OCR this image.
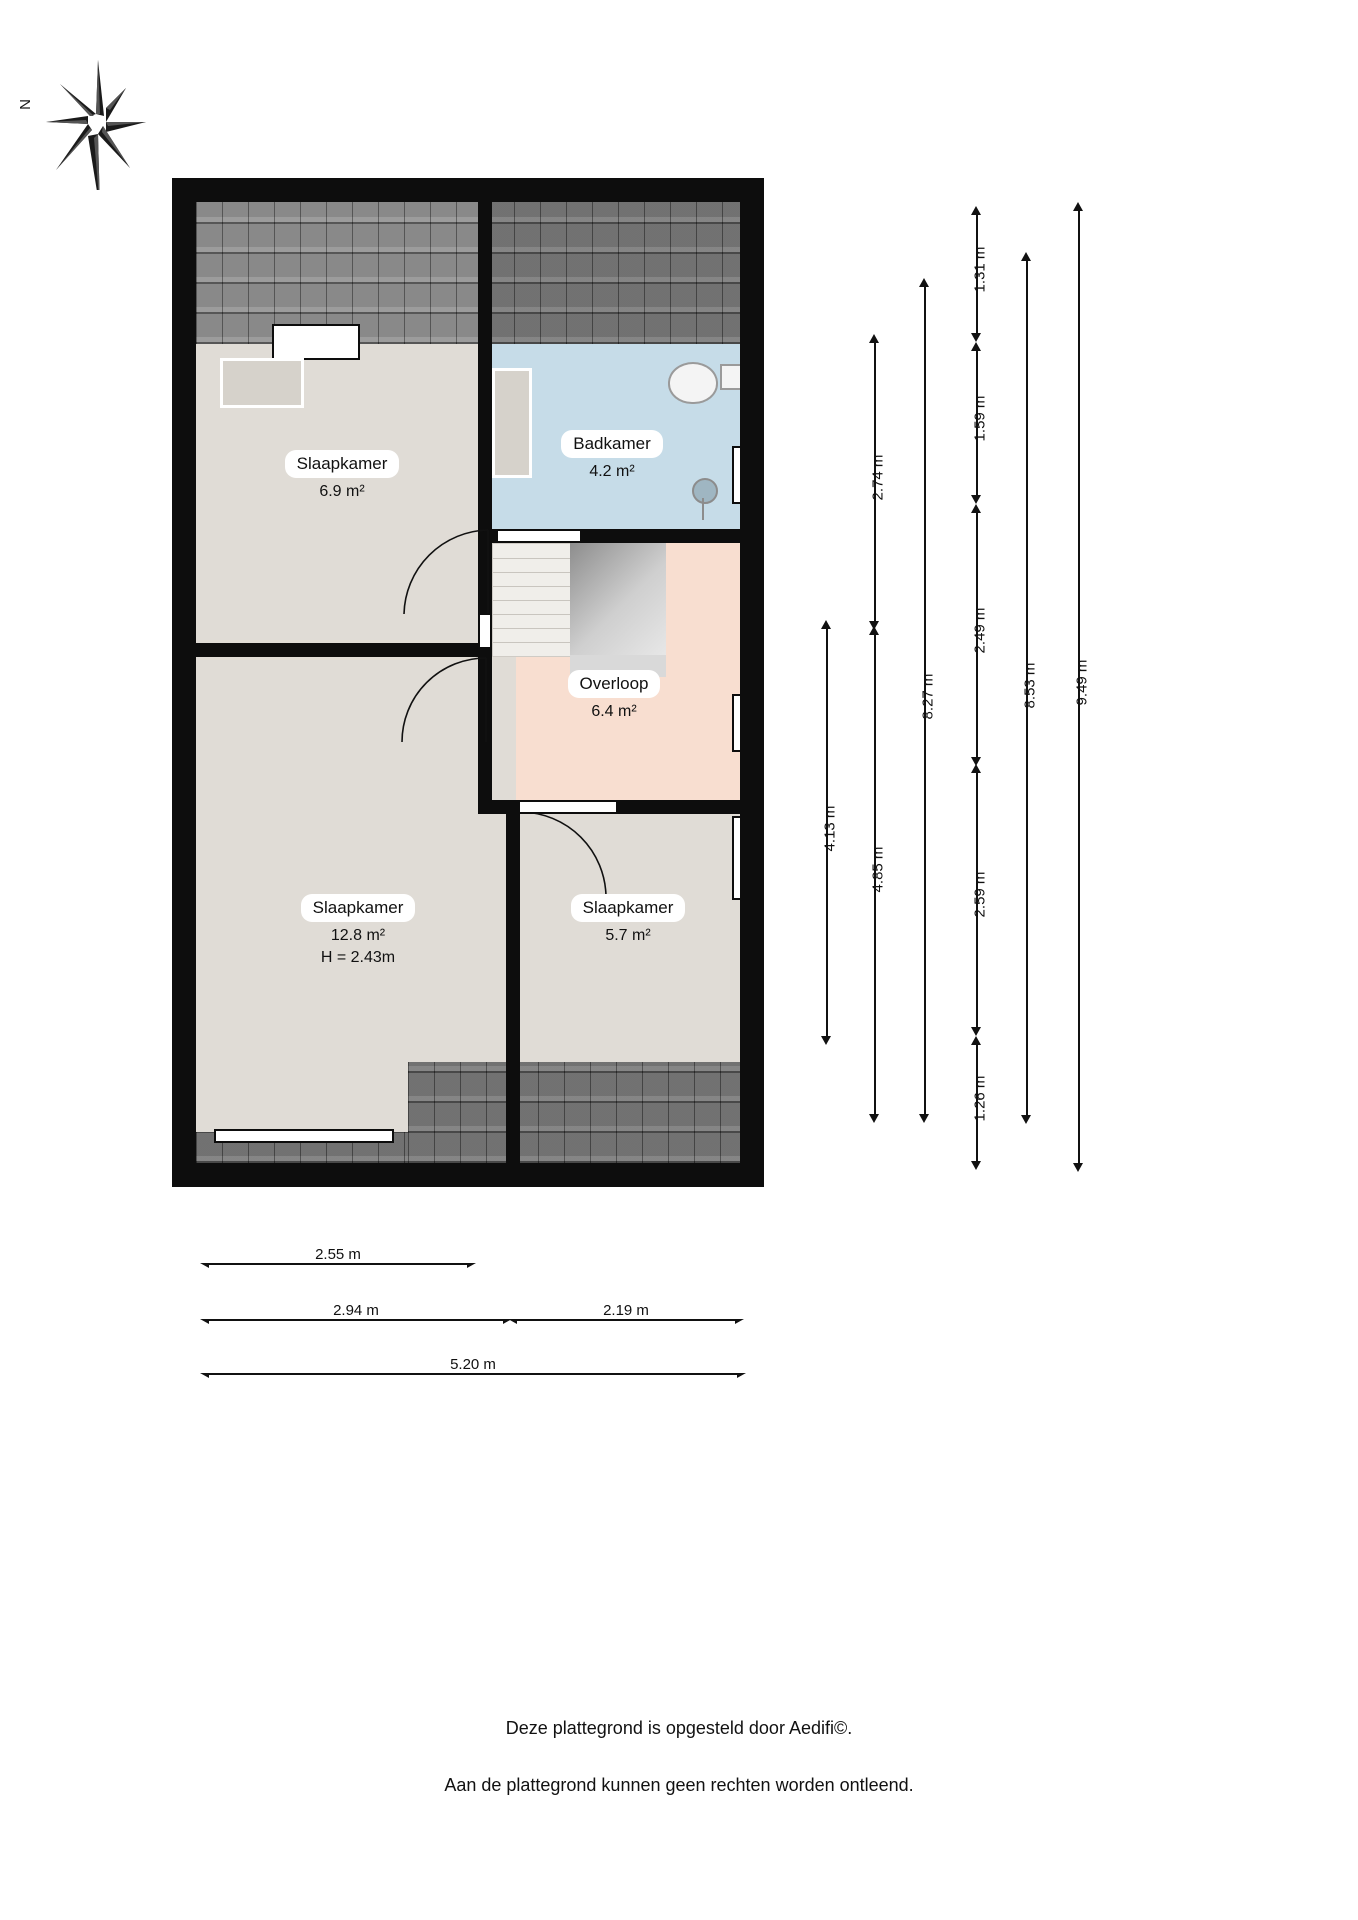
N
Slaapkamer
6.9 m²
Badkamer
4.2 m²
Overloop
6.4 m²
Slaapkamer
12.8 m²
H = 2.43m
Slaapkamer
5.7 m²
4.13 m
2.74 m
4.85 m
8.27 m
1.31 m
1.59 m
2.49 m
2.59 m
1.26 m
8.53 m 9.49 m
2.55 m
2.94 m	2.19 m
5.20 m
Deze plattegrond is opgesteld door Aedifi©.
Aan de plattegrond kunnen geen rechten worden ontleend.
